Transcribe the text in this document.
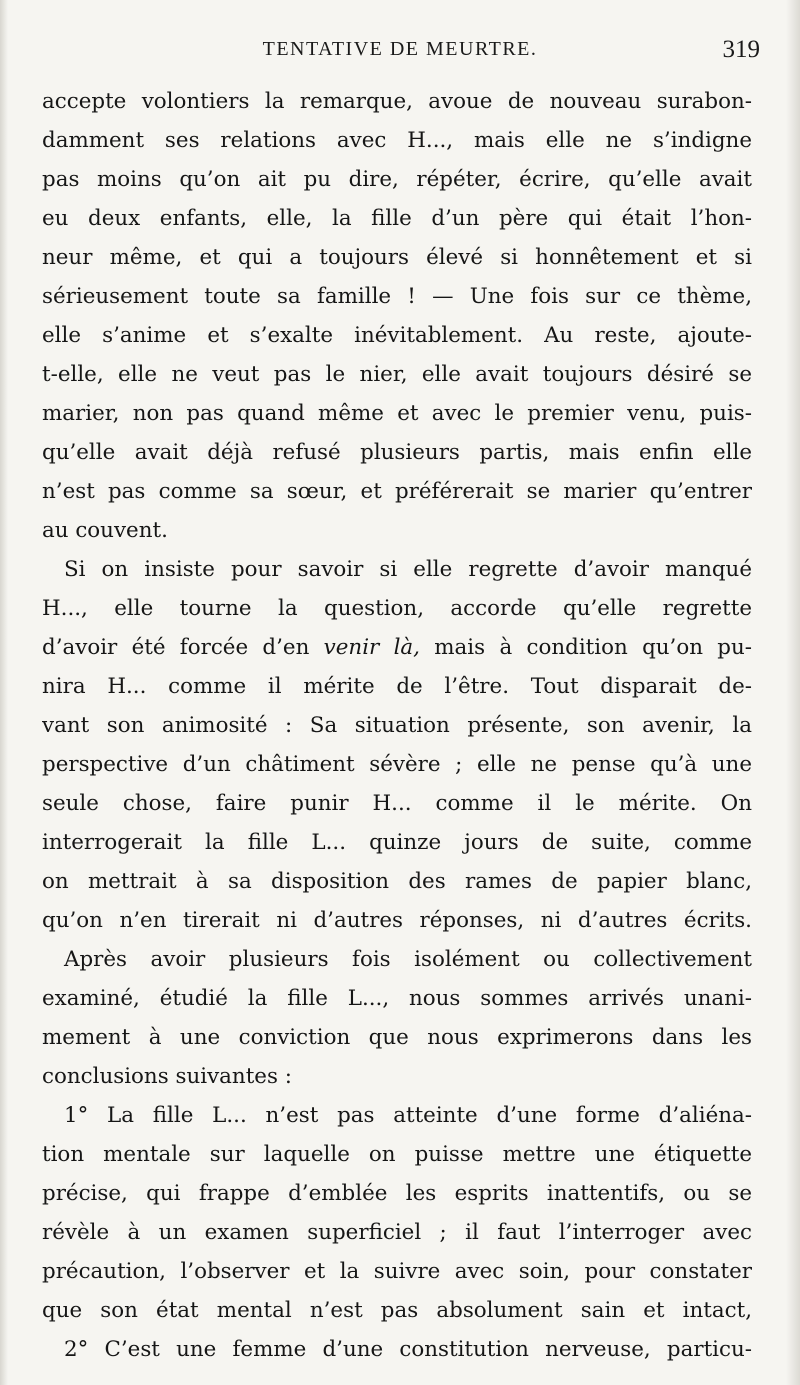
TENTATIVE DE MEURTRE.	319
accepte volontiers la remarque, avoue de nouveau surabon-
damment ses relations avec H..., mais elle ne s’indigne
pas moins qu’on ait pu dire, répéter, écrire, qu’elle avait
eu deux enfants, elle, la fille d’un père qui était l’hon-
neur même, et qui a toujours élevé si honnêtement et si
sérieusement toute sa famille ! — Une fois sur ce thème,
elle s’anime et s’exalte inévitablement. Au reste, ajoute-
t-elle, elle ne veut pas le nier, elle avait toujours désiré se
marier, non pas quand même et avec le premier venu, puis-
qu’elle avait déjà refusé plusieurs partis, mais enfin elle
n’est pas comme sa sœur, et préférerait se marier qu’entrer
au couvent.
Si on insiste pour savoir si elle regrette d’avoir manqué
H..., elle tourne la question, accorde qu’elle regrette
d’avoir été forcée d’en venir là, mais à condition qu’on pu-
nira H... comme il mérite de l’être. Tout disparait de-
vant son animosité : Sa situation présente, son avenir, la
perspective d’un châtiment sévère ; elle ne pense qu’à une
seule chose, faire punir H... comme il le mérite. On
interrogerait la fille L... quinze jours de suite, comme
on mettrait à sa disposition des rames de papier blanc,
qu’on n’en tirerait ni d’autres réponses, ni d’autres écrits.
Après avoir plusieurs fois isolément ou collectivement
examiné, étudié la fille L..., nous sommes arrivés unani-
mement à une conviction que nous exprimerons dans les
conclusions suivantes :
1° La fille L... n’est pas atteinte d’une forme d’aliéna-
tion mentale sur laquelle on puisse mettre une étiquette
précise, qui frappe d’emblée les esprits inattentifs, ou se
révèle à un examen superficiel ; il faut l’interroger avec
précaution, l’observer et la suivre avec soin, pour constater
que son état mental n’est pas absolument sain et intact,
2° C’est une femme d’une constitution nerveuse, particu-
